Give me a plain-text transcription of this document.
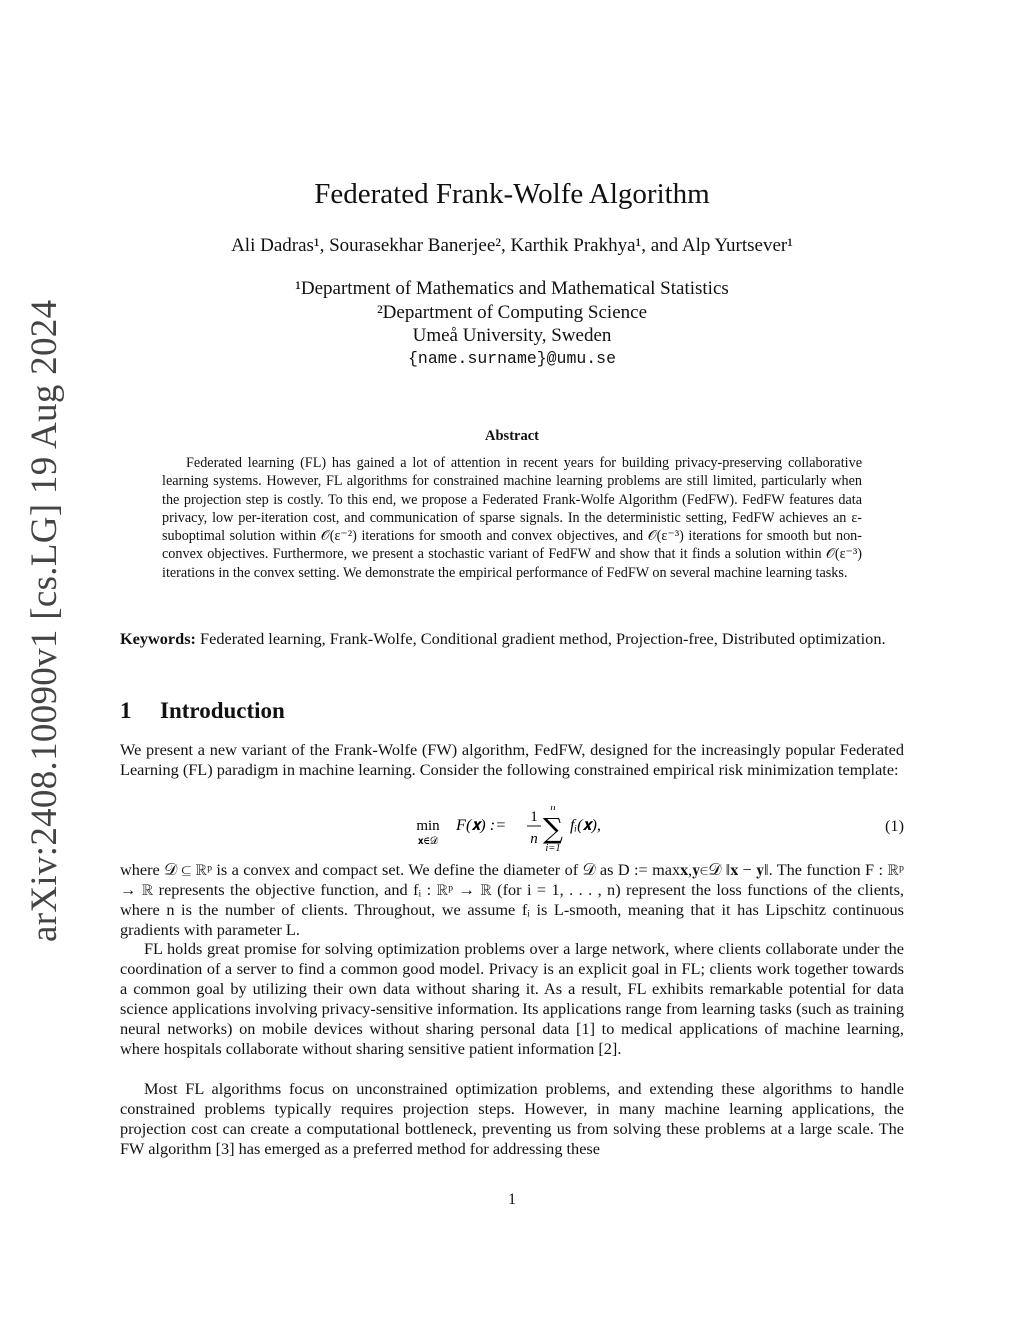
arXiv:2408.10090v1 [cs.LG] 19 Aug 2024
Federated Frank-Wolfe Algorithm
Ali Dadras¹, Sourasekhar Banerjee², Karthik Prakhya¹, and Alp Yurtsever¹
¹Department of Mathematics and Mathematical Statistics
²Department of Computing Science
Umeå University, Sweden
{name.surname}@umu.se
Abstract
Federated learning (FL) has gained a lot of attention in recent years for building privacy-preserving collaborative learning systems. However, FL algorithms for constrained machine learning problems are still limited, particularly when the projection step is costly. To this end, we propose a Federated Frank-Wolfe Algorithm (FedFW). FedFW features data privacy, low per-iteration cost, and communication of sparse signals. In the deterministic setting, FedFW achieves an ε-suboptimal solution within 𝒪(ε⁻²) iterations for smooth and convex objectives, and 𝒪(ε⁻³) iterations for smooth but non-convex objectives. Furthermore, we present a stochastic variant of FedFW and show that it finds a solution within 𝒪(ε⁻³) iterations in the convex setting. We demonstrate the empirical performance of FedFW on several machine learning tasks.
Keywords: Federated learning, Frank-Wolfe, Conditional gradient method, Projection-free, Distributed optimization.
1 Introduction
We present a new variant of the Frank-Wolfe (FW) algorithm, FedFW, designed for the increasingly popular Federated Learning (FL) paradigm in machine learning. Consider the following constrained empirical risk minimization template:
min
𝐱∈𝒟
F(𝐱) := 1
n
n
∑
i=1
fᵢ(𝐱),	(1)
where 𝒟 ⊆ ℝᵖ is a convex and compact set. We define the diameter of 𝒟 as D := max𝐱,𝐲∈𝒟 ‖𝐱 − 𝐲‖. The function F : ℝᵖ → ℝ represents the objective function, and fᵢ : ℝᵖ → ℝ (for i = 1, . . . , n) represent the loss functions of the clients, where n is the number of clients. Throughout, we assume fᵢ is L-smooth, meaning that it has Lipschitz continuous gradients with parameter L.
FL holds great promise for solving optimization problems over a large network, where clients collaborate under the coordination of a server to find a common good model. Privacy is an explicit goal in FL; clients work together towards a common goal by utilizing their own data without sharing it. As a result, FL exhibits remarkable potential for data science applications involving privacy-sensitive information. Its applications range from learning tasks (such as training neural networks) on mobile devices without sharing personal data [1] to medical applications of machine learning, where hospitals collaborate without sharing sensitive patient information [2].
Most FL algorithms focus on unconstrained optimization problems, and extending these algorithms to handle constrained problems typically requires projection steps. However, in many machine learning applications, the projection cost can create a computational bottleneck, preventing us from solving these problems at a large scale. The FW algorithm [3] has emerged as a preferred method for addressing these
1
